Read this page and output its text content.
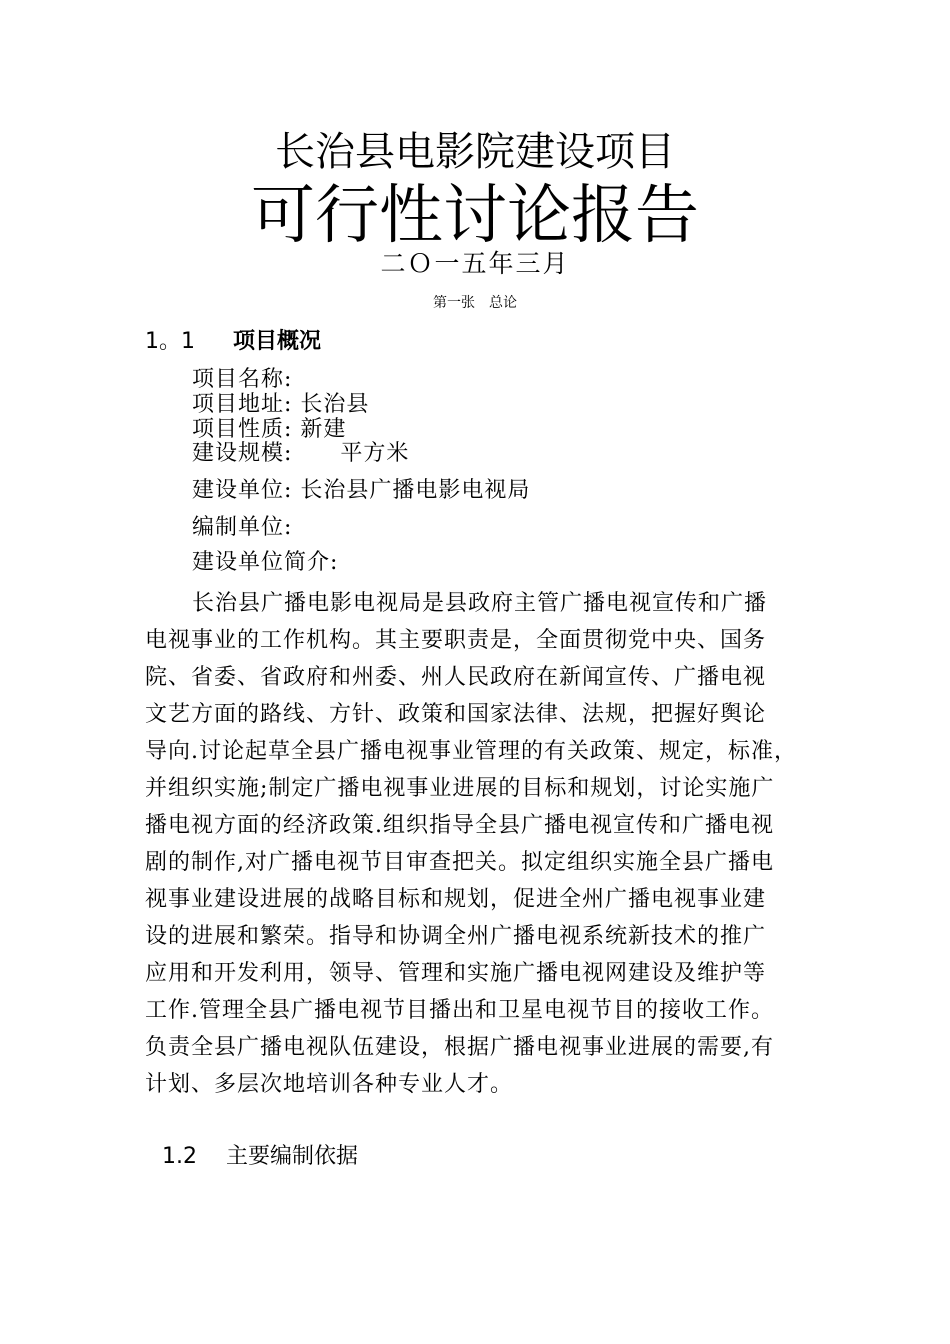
长治县电影院建设项目
可行性讨论报告
二Ｏ一五年三月
第一张　总论
1。1 项目概况
项目名称:
项目地址: 长治县
项目性质: 新建
建设规模:      平方米
建设单位: 长治县广播电影电视局
编制单位:
建设单位简介:
长治县广播电影电视局是县政府主管广播电视宣传和广播
电视事业的工作机构。其主要职责是，全面贯彻党中央、国务
院、省委、省政府和州委、州人民政府在新闻宣传、广播电视
文艺方面的路线、方针、政策和国家法律、法规，把握好舆论
导向.讨论起草全县广播电视事业管理的有关政策、规定，标准，
并组织实施;制定广播电视事业进展的目标和规划，讨论实施广
播电视方面的经济政策.组织指导全县广播电视宣传和广播电视
剧的制作,对广播电视节目审查把关。拟定组织实施全县广播电
视事业建设进展的战略目标和规划，促进全州广播电视事业建
设的进展和繁荣。指导和协调全州广播电视系统新技术的推广
应用和开发利用，领导、管理和实施广播电视网建设及维护等
工作.管理全县广播电视节目播出和卫星电视节目的接收工作。
负责全县广播电视队伍建设，根据广播电视事业进展的需要,有
计划、多层次地培训各种专业人才。
1.2 主要编制依据
